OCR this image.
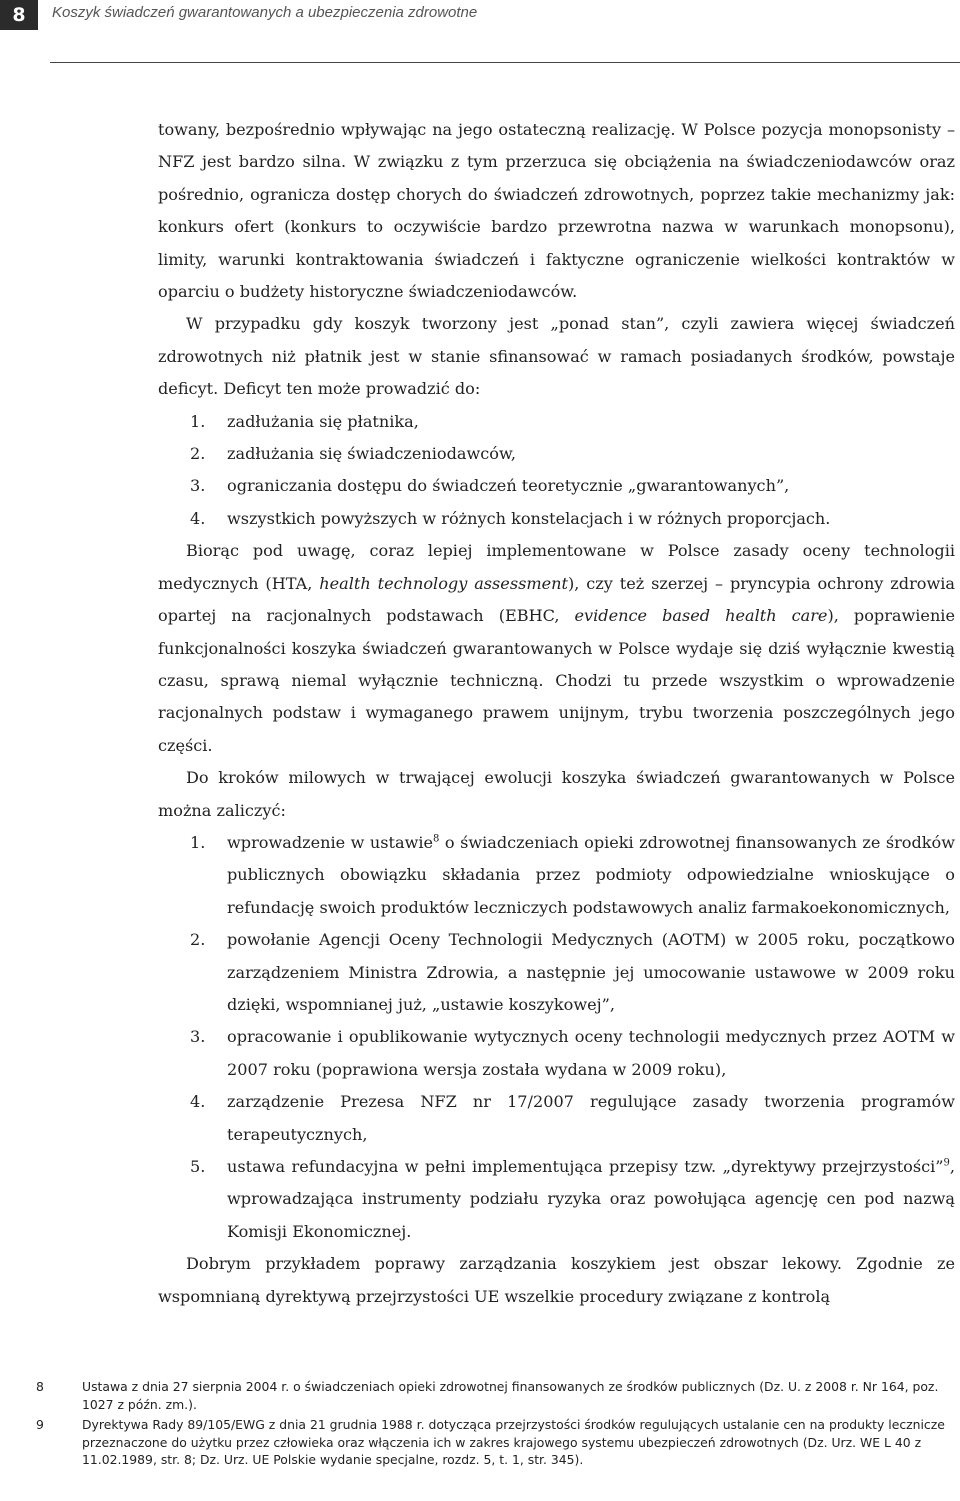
8	Koszyk świadczeń gwarantowanych a ubezpieczenia zdrowotne

towany, bezpośrednio wpływając na jego ostateczną realizację. W Polsce pozycja monopsonisty – NFZ jest bardzo silna. W związku z tym przerzuca się obciążenia na świadczeniodawców oraz pośrednio, ogranicza dostęp chorych do świadczeń zdrowotnych, poprzez takie mechanizmy jak: konkurs ofert (konkurs to oczywiście bardzo przewrotna nazwa w warunkach monopsonu), limity, warunki kontraktowania świadczeń i faktyczne ograniczenie wielkości kontraktów w oparciu o budżety historyczne świadczeniodawców.

W przypadku gdy koszyk tworzony jest „ponad stan”, czyli zawiera więcej świadczeń zdrowotnych niż płatnik jest w stanie sfinansować w ramach posiadanych środków, powstaje deficyt. Deficyt ten może prowadzić do:

1. zadłużania się płatnika,
2. zadłużania się świadczeniodawców,
3. ograniczania dostępu do świadczeń teoretycznie „gwarantowanych”,
4. wszystkich powyższych w różnych konstelacjach i w różnych proporcjach.

Biorąc pod uwagę, coraz lepiej implementowane w Polsce zasady oceny technologii medycznych (HTA, health technology assessment), czy też szerzej – pryncypia ochrony zdrowia opartej na racjonalnych podstawach (EBHC, evidence based health care), poprawienie funkcjonalności koszyka świadczeń gwarantowanych w Polsce wydaje się dziś wyłącznie kwestią czasu, sprawą niemal wyłącznie techniczną. Chodzi tu przede wszystkim o wprowadzenie racjonalnych podstaw i wymaganego prawem unijnym, trybu tworzenia poszczególnych jego części.

Do kroków milowych w trwającej ewolucji koszyka świadczeń gwarantowanych w Polsce można zaliczyć:

1. wprowadzenie w ustawie$^8$ o świadczeniach opieki zdrowotnej finansowanych ze środków publicznych obowiązku składania przez podmioty odpowiedzialne wnioskujące o refundację swoich produktów leczniczych podstawowych analiz farmakoekonomicznych,
2. powołanie Agencji Oceny Technologii Medycznych (AOTM) w 2005 roku, początkowo zarządzeniem Ministra Zdrowia, a następnie jej umocowanie ustawowe w 2009 roku dzięki, wspomnianej już, „ustawie koszykowej”,
3. opracowanie i opublikowanie wytycznych oceny technologii medycznych przez AOTM w 2007 roku (poprawiona wersja została wydana w 2009 roku),
4. zarządzenie Prezesa NFZ nr 17/2007 regulujące zasady tworzenia programów terapeutycznych,
5. ustawa refundacyjna w pełni implementująca przepisy tzw. „dyrektywy przejrzystości”$^9$, wprowadzająca instrumenty podziału ryzyka oraz powołująca agencję cen pod nazwą Komisji Ekonomicznej.

Dobrym przykładem poprawy zarządzania koszykiem jest obszar lekowy. Zgodnie ze wspomnianą dyrektywą przejrzystości UE wszelkie procedury związane z kontrolą

8	Ustawa z dnia 27 sierpnia 2004 r. o świadczeniach opieki zdrowotnej finansowanych ze środków publicznych (Dz. U. z 2008 r. Nr 164, poz. 1027 z późn. zm.).

9	Dyrektywa Rady 89/105/EWG z dnia 21 grudnia 1988 r. dotycząca przejrzystości środków regulujących ustalanie cen na produkty lecznicze przeznaczone do użytku przez człowieka oraz włączenia ich w zakres krajowego systemu ubezpieczeń zdrowotnych (Dz. Urz. WE L 40 z 11.02.1989, str. 8; Dz. Urz. UE Polskie wydanie specjalne, rozdz. 5, t. 1, str. 345).
